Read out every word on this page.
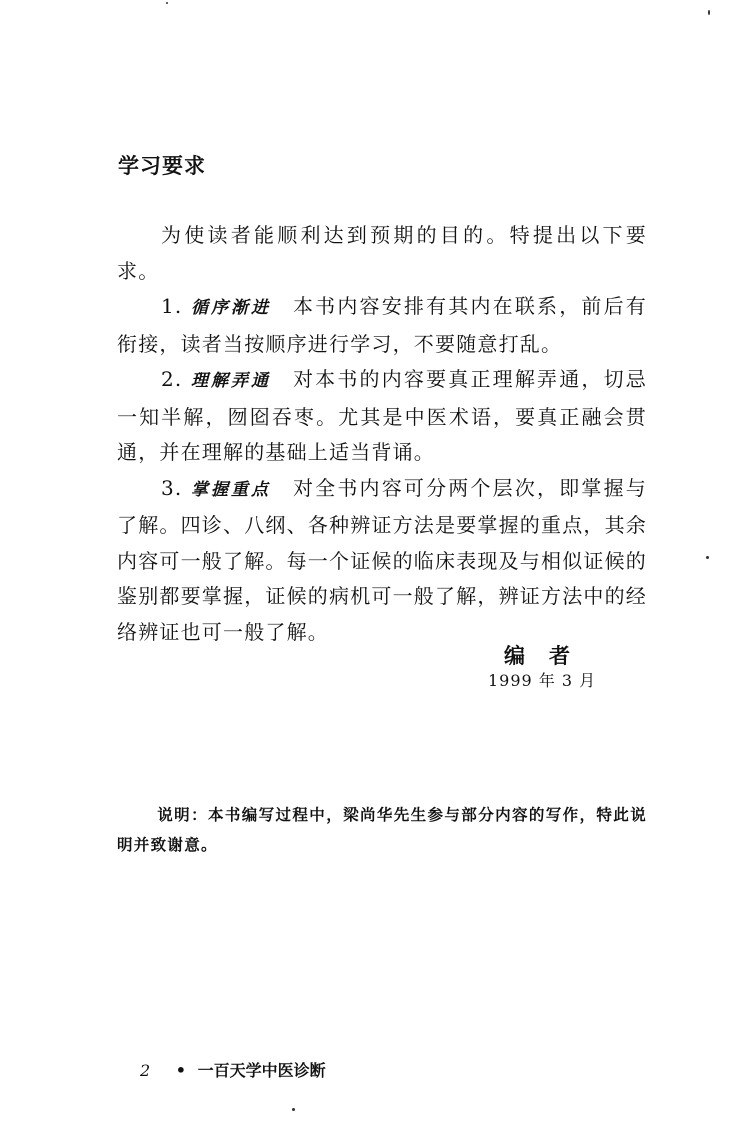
学习要求

为使读者能顺利达到预期的目的。特提出以下要求。

1. 循序渐进 本书内容安排有其内在联系，前后有衔接，读者当按顺序进行学习，不要随意打乱。

2. 理解弄通 对本书的内容要真正理解弄通，切忌一知半解，囫囵吞枣。尤其是中医术语，要真正融会贯通，并在理解的基础上适当背诵。

3. 掌握重点 对全书内容可分两个层次，即掌握与了解。四诊、八纲、各种辨证方法是要掌握的重点，其余内容可一般了解。每一个证候的临床表现及与相似证候的鉴别都要掌握，证候的病机可一般了解，辨证方法中的经络辨证也可一般了解。

编者
1999 年 3 月
说明：本书编写过程中，梁尚华先生参与部分内容的写作，特此说明并致谢意。
2 • 一百天学中医诊断
